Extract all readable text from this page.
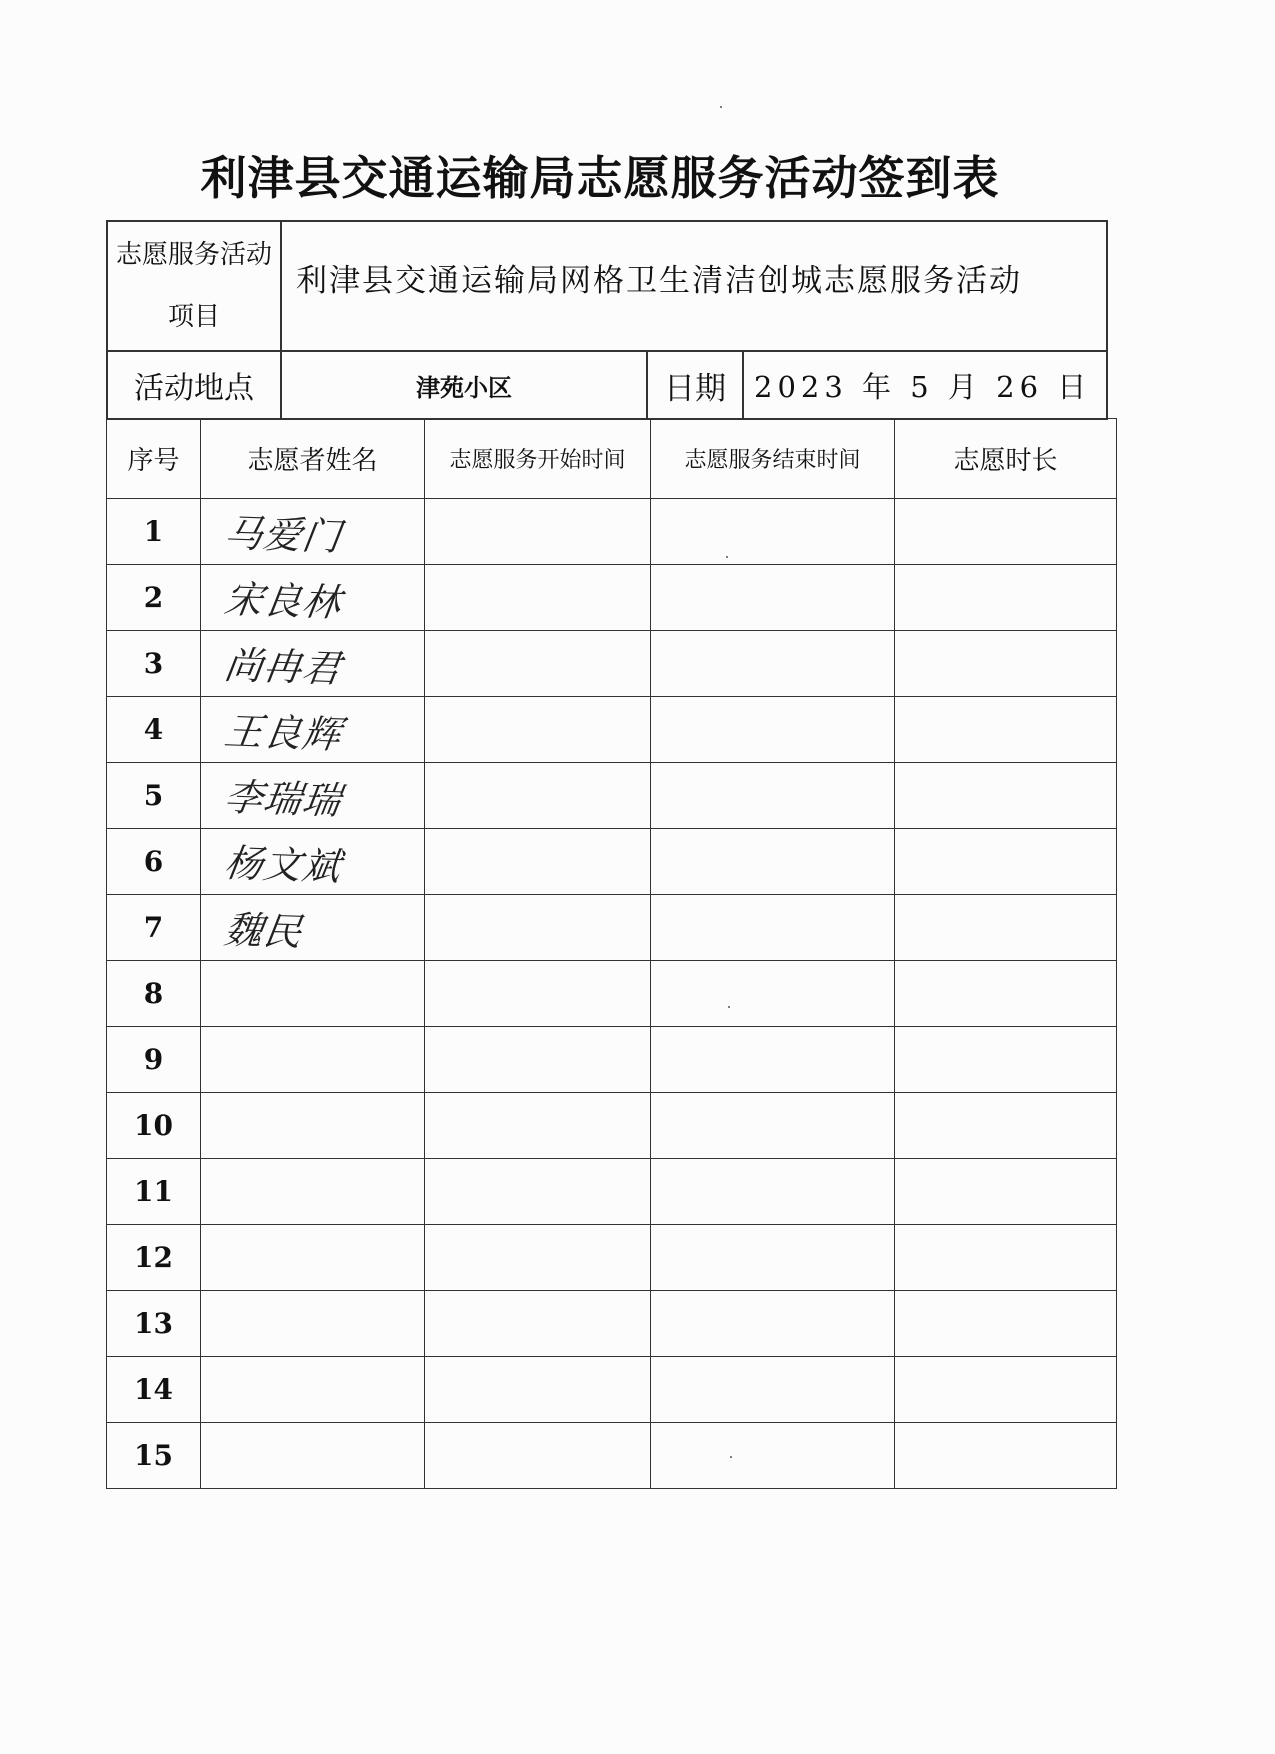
利津县交通运输局志愿服务活动签到表
志愿服务活动项目
利津县交通运输局网格卫生清洁创城志愿服务活动
活动地点	津苑小区	日期 2023 年 5 月 26 日
序号	志愿者姓名	志愿服务开始时间	志愿服务结束时间	志愿时长
1	马爱门			
2	宋良林			
3	尚冉君			
4	王良辉			
5	李瑞瑞			
6	杨文斌			
7	魏民			
8				
9				
10				
11				
12				
13				
14				
15				
